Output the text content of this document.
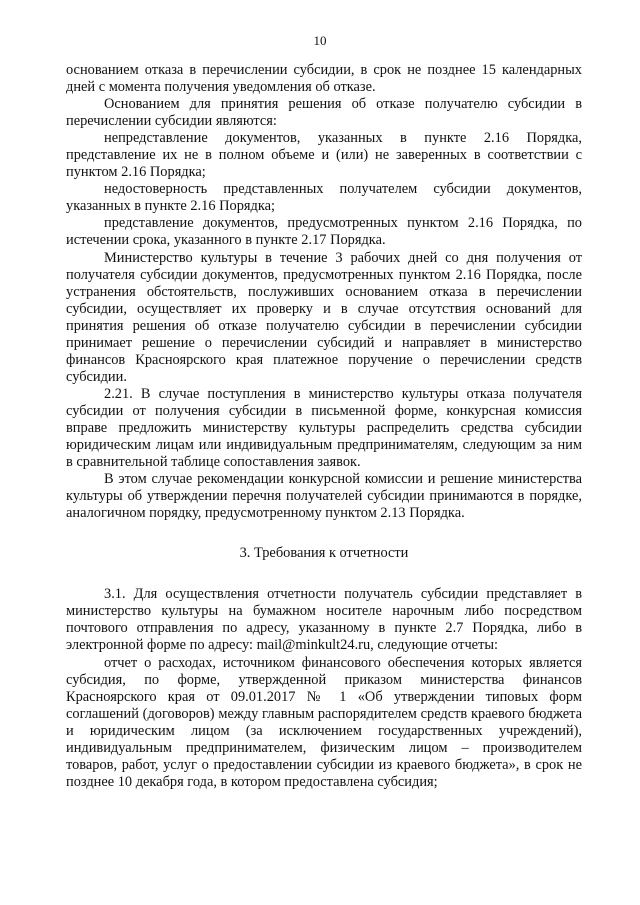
10

основанием отказа в перечислении субсидии, в срок не позднее 15 календарных дней с момента получения уведомления об отказе.

Основанием для принятия решения об отказе получателю субсидии в перечислении субсидии являются:

непредставление документов, указанных в пункте 2.16 Порядка, представление их не в полном объеме и (или) не заверенных в соответствии с пунктом 2.16 Порядка;

недостоверность представленных получателем субсидии документов, указанных в пункте 2.16 Порядка;

представление документов, предусмотренных пунктом 2.16 Порядка, по истечении срока, указанного в пункте 2.17 Порядка.

Министерство культуры в течение 3 рабочих дней со дня получения от получателя субсидии документов, предусмотренных пунктом 2.16 Порядка, после устранения обстоятельств, послуживших основанием отказа в перечислении субсидии, осуществляет их проверку и в случае отсутствия оснований для принятия решения об отказе получателю субсидии в перечислении субсидии принимает решение о перечислении субсидий и направляет в министерство финансов Красноярского края платежное поручение о перечислении средств субсидии.

2.21. В случае поступления в министерство культуры отказа получателя субсидии от получения субсидии в письменной форме, конкурсная комиссия вправе предложить министерству культуры распределить средства субсидии юридическим лицам или индивидуальным предпринимателям, следующим за ним в сравнительной таблице сопоставления заявок.

В этом случае рекомендации конкурсной комиссии и решение министерства культуры об утверждении перечня получателей субсидии принимаются в порядке, аналогичном порядку, предусмотренному пунктом 2.13 Порядка.

3. Требования к отчетности

3.1. Для осуществления отчетности получатель субсидии представляет в министерство культуры на бумажном носителе нарочным либо посредством почтового отправления по адресу, указанному в пункте 2.7 Порядка, либо в электронной форме по адресу: mail@minkult24.ru, следующие отчеты:

отчет о расходах, источником финансового обеспечения которых является субсидия, по форме, утвержденной приказом министерства финансов Красноярского края от 09.01.2017 № 1 «Об утверждении типовых форм соглашений (договоров) между главным распорядителем средств краевого бюджета и юридическим лицом (за исключением государственных учреждений), индивидуальным предпринимателем, физическим лицом – производителем товаров, работ, услуг о предоставлении субсидии из краевого бюджета», в срок не позднее 10 декабря года, в котором предоставлена субсидия;
